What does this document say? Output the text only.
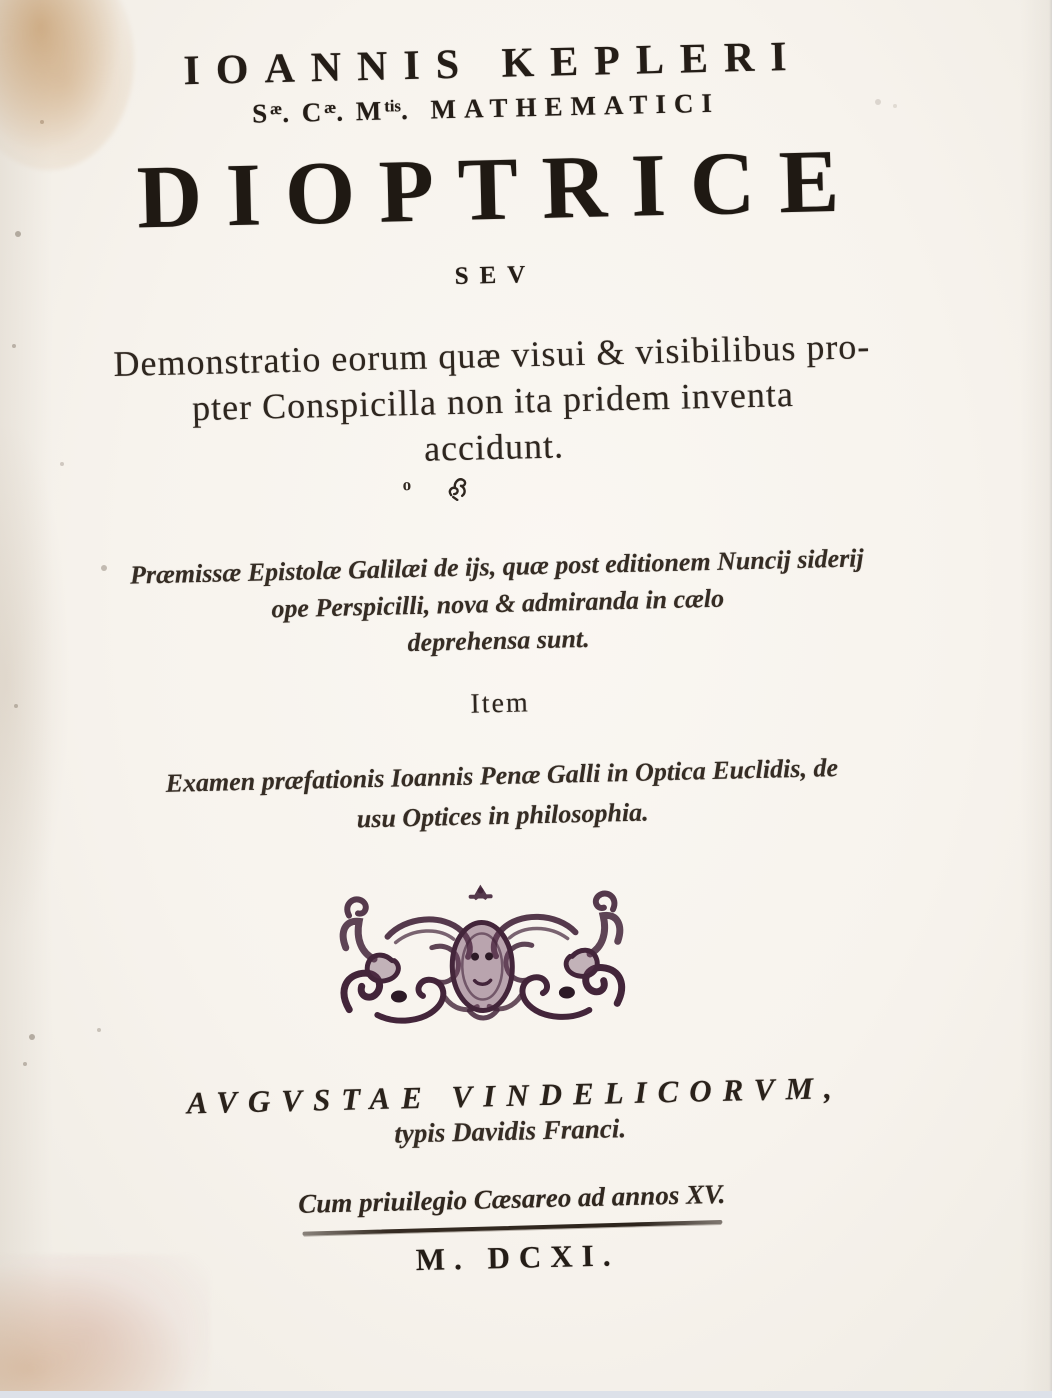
IOANNIS KEPLERI
$S^æ$. $C^æ$. $M^{tis}$. MATHEMATICI
DIOPTRICE
SEV
Demonstratio eorum quæ visui & visibilibus pro-
pter Conspicilla non ita pridem inventa
accidunt.
$^o$
Præmissæ Epistolæ Galilæi de ijs, quæ post editionem Nuncij siderij
ope Perspicilli, nova & admiranda in cælo
deprehensa sunt.
Item
Examen præfationis Ioannis Penæ Galli in Optica Euclidis, de
usu Optices in philosophia.
AVGVSTAE VINDELICORVM,
typis Davidis Franci.
Cum priuilegio Cæsareo ad annos XV.
M. DCXI.
